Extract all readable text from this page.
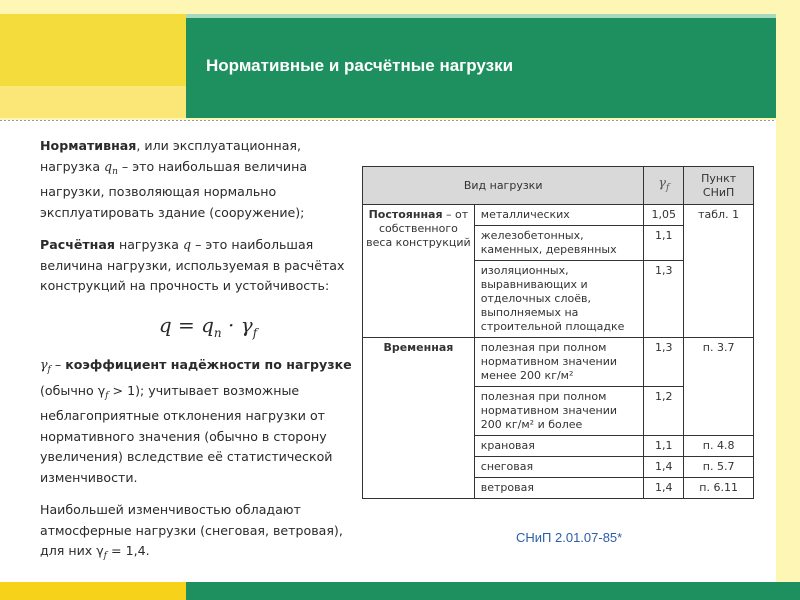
Нормативные и расчётные нагрузки

Нормативная, или эксплуатационная, нагрузка $q_n$ – это наибольшая величина нагрузки, позволяющая нормально эксплуатировать здание (сооружение);

Расчётная нагрузка q – это наибольшая величина нагрузки, используемая в расчётах конструкций на прочность и устойчивость:

$q = q_n \cdot \gamma_f$

$\gamma_f$ – коэффициент надёжности по нагрузке (обычно $\gamma_f > 1$); учитывает возможные неблагоприятные отклонения нагрузки от нормативного значения (обычно в сторону увеличения) вследствие её статистической изменчивости.

Наибольшей изменчивостью обладают атмосферные нагрузки (снеговая, ветровая), для них $\gamma_f = 1,4$.

Вид нагрузки		$\gamma_f$	Пункт СНиП
Постоянная – от собственного веса конструкций	металлических	1,05	табл. 1
	железобетонных, каменных, деревянных	1,1	
	изоляционных, выравнивающих и отделочных слоёв, выполняемых на строительной площадке	1,3	
Временная	полезная при полном нормативном значении менее 200 кг/м²	1,3	п. 3.7
	полезная при полном нормативном значении 200 кг/м² и более	1,2	
	крановая	1,1	п. 4.8
	снеговая	1,4	п. 5.7
	ветровая	1,4	п. 6.11
СНиП 2.01.07-85*
